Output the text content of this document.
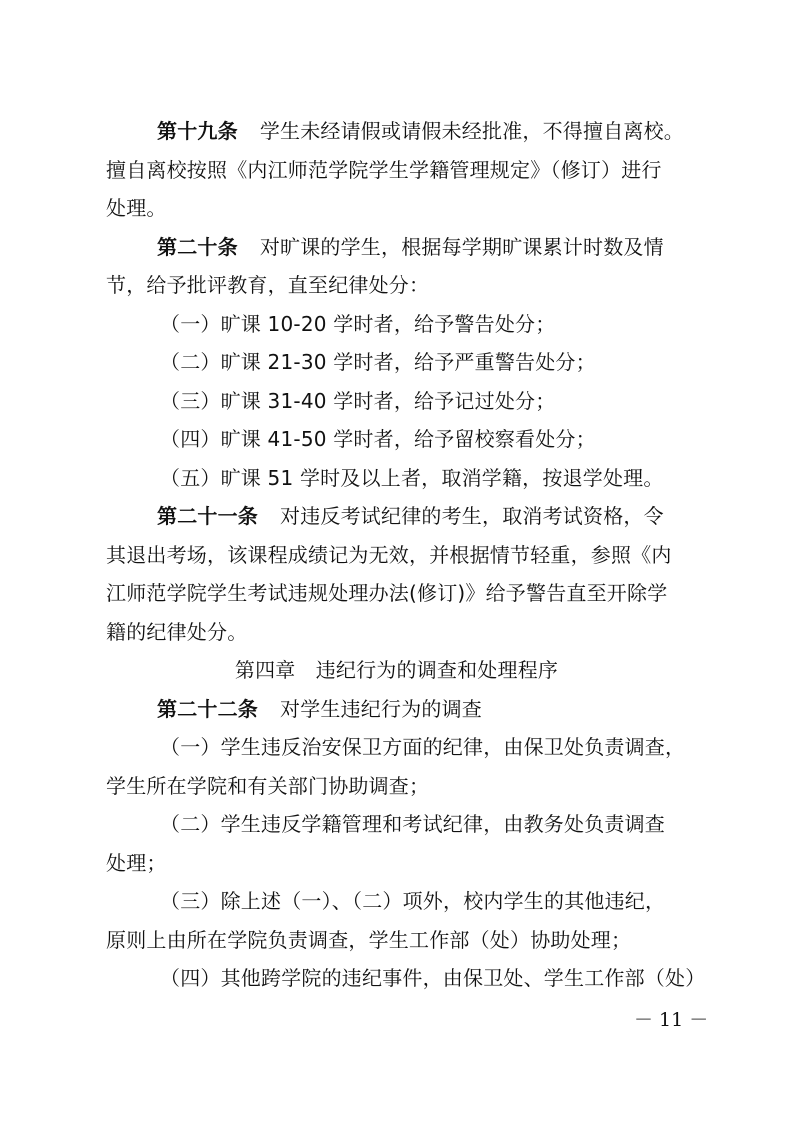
第十九条 学生未经请假或请假未经批准，不得擅自离校。
擅自离校按照《内江师范学院学生学籍管理规定》（修订）进行
处理。
第二十条 对旷课的学生，根据每学期旷课累计时数及情
节，给予批评教育，直至纪律处分：
（一）旷课 10-20 学时者，给予警告处分；
（二）旷课 21-30 学时者，给予严重警告处分；
（三）旷课 31-40 学时者，给予记过处分；
（四）旷课 41-50 学时者，给予留校察看处分；
（五）旷课 51 学时及以上者，取消学籍，按退学处理。
第二十一条 对违反考试纪律的考生，取消考试资格，令
其退出考场，该课程成绩记为无效，并根据情节轻重，参照《内
江师范学院学生考试违规处理办法(修订)》给予警告直至开除学
籍的纪律处分。
第四章　违纪行为的调查和处理程序
第二十二条 对学生违纪行为的调查
（一）学生违反治安保卫方面的纪律，由保卫处负责调查，
学生所在学院和有关部门协助调查；
（二）学生违反学籍管理和考试纪律，由教务处负责调查
处理；
（三）除上述（一）、（二）项外，校内学生的其他违纪，
原则上由所在学院负责调查，学生工作部（处）协助处理；
（四）其他跨学院的违纪事件，由保卫处、学生工作部（处）
－ 11 －
